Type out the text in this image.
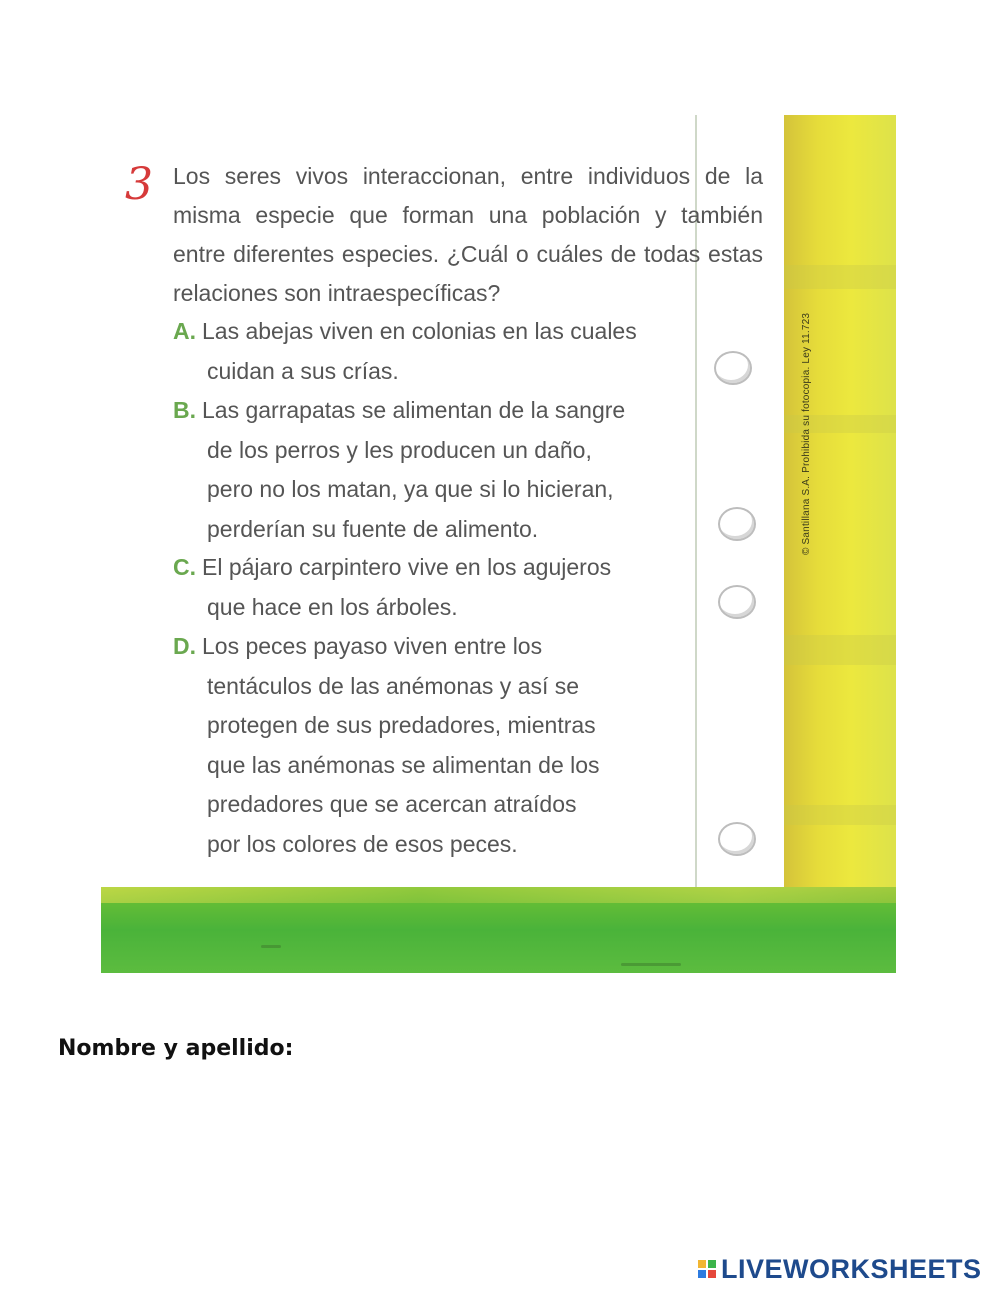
© Santillana S.A. Prohibida su fotocopia. Ley 11.723
3 Los seres vivos interaccionan, entre individuos de la misma especie que forman una población y también entre diferentes especies. ¿Cuál o cuáles de todas estas relaciones son intraespecíficas?
A. Las abejas viven en colonias en las cuales
cuidan a sus crías.
B. Las garrapatas se alimentan de la sangre
de los perros y les producen un daño,
pero no los matan, ya que si lo hicieran,
perderían su fuente de alimento.
C. El pájaro carpintero vive en los agujeros
que hace en los árboles.
D. Los peces payaso viven entre los
tentáculos de las anémonas y así se
protegen de sus predadores, mientras
que las anémonas se alimentan de los
predadores que se acercan atraídos
por los colores de esos peces.
Nombre y apellido:
LIVEWORKSHEETS
